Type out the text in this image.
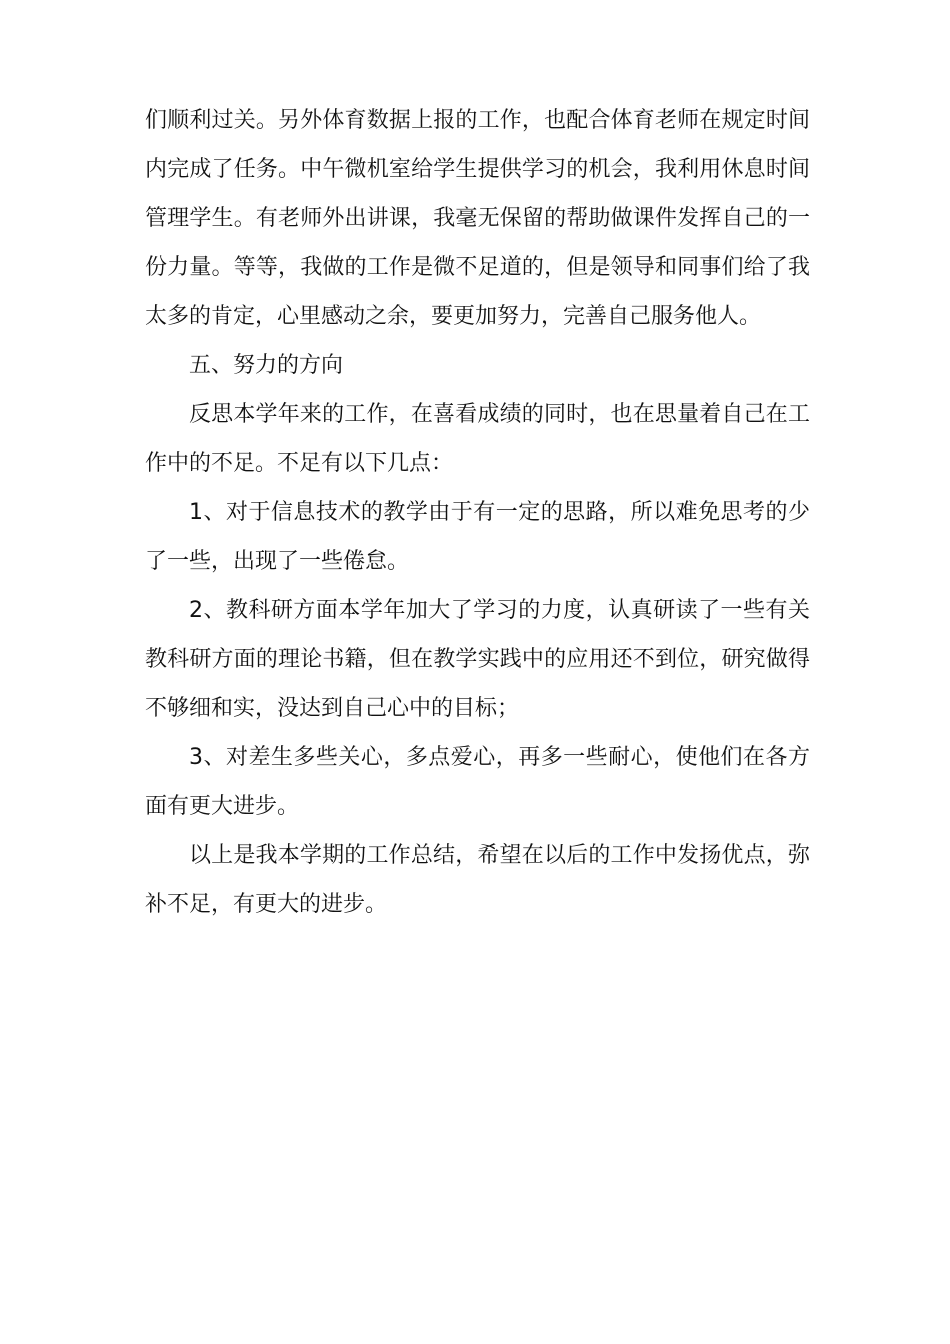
们顺利过关。另外体育数据上报的工作，也配合体育老师在规定时间内完成了任务。中午微机室给学生提供学习的机会，我利用休息时间管理学生。有老师外出讲课，我毫无保留的帮助做课件发挥自己的一份力量。等等，我做的工作是微不足道的，但是领导和同事们给了我太多的肯定，心里感动之余，要更加努力，完善自己服务他人。

五、努力的方向

反思本学年来的工作，在喜看成绩的同时，也在思量着自己在工作中的不足。不足有以下几点：

1、对于信息技术的教学由于有一定的思路，所以难免思考的少了一些，出现了一些倦怠。

2、教科研方面本学年加大了学习的力度，认真研读了一些有关教科研方面的理论书籍，但在教学实践中的应用还不到位，研究做得不够细和实，没达到自己心中的目标；

3、对差生多些关心，多点爱心，再多一些耐心，使他们在各方面有更大进步。

以上是我本学期的工作总结，希望在以后的工作中发扬优点，弥补不足，有更大的进步。
